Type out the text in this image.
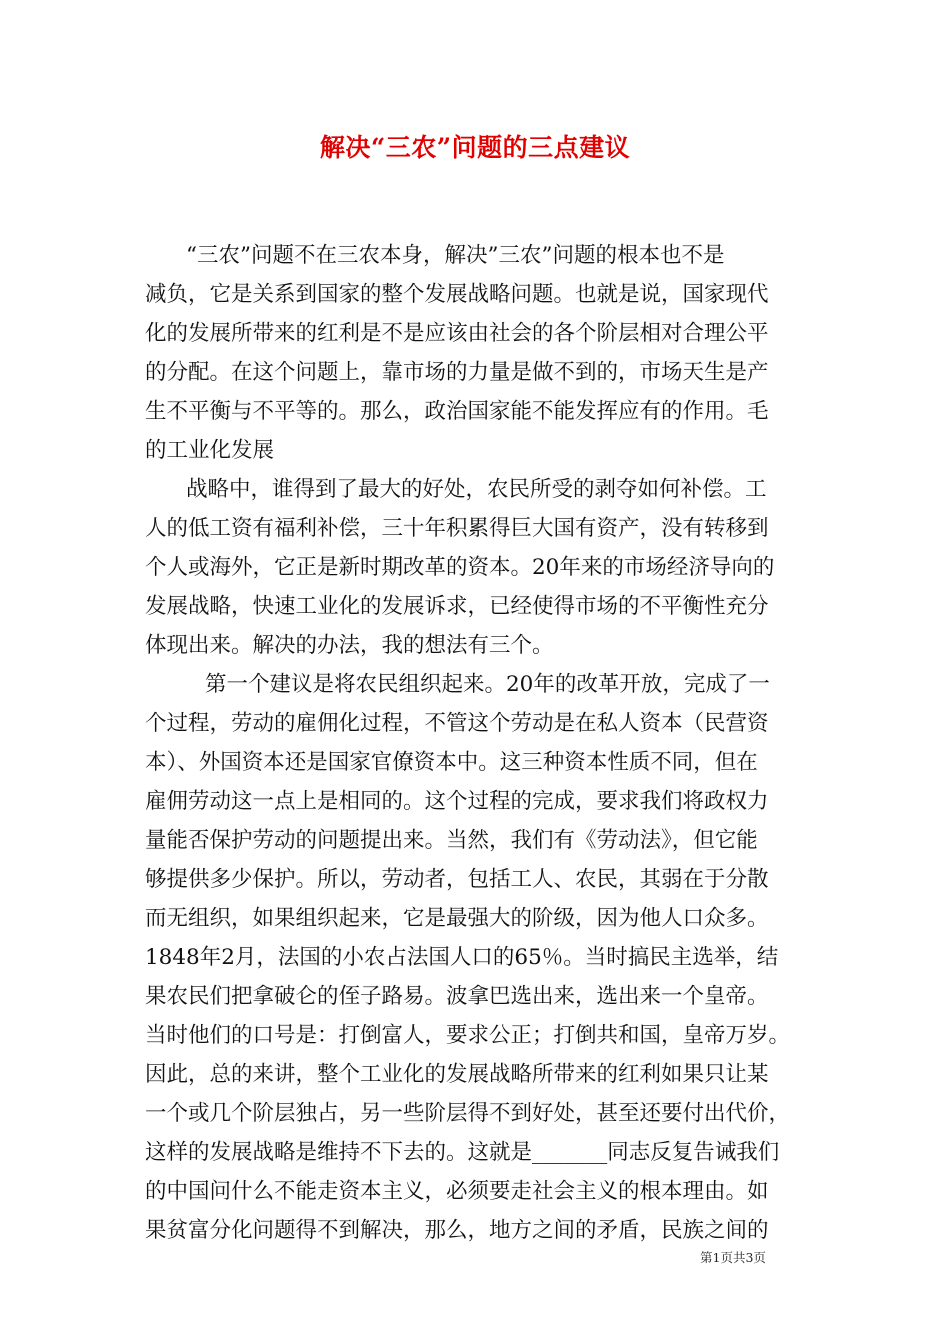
解决“三农”问题的三点建议
“三农”问题不在三农本身，解决”三农”问题的根本也不是
减负，它是关系到国家的整个发展战略问题。也就是说，国家现代
化的发展所带来的红利是不是应该由社会的各个阶层相对合理公平
的分配。在这个问题上，靠市场的力量是做不到的，市场天生是产
生不平衡与不平等的。那么，政治国家能不能发挥应有的作用。毛
的工业化发展
战略中，谁得到了最大的好处，农民所受的剥夺如何补偿。工
人的低工资有福利补偿，三十年积累得巨大国有资产，没有转移到
个人或海外，它正是新时期改革的资本。20年来的市场经济导向的
发展战略，快速工业化的发展诉求，已经使得市场的不平衡性充分
体现出来。解决的办法，我的想法有三个。
第一个建议是将农民组织起来。20年的改革开放，完成了一
个过程，劳动的雇佣化过程，不管这个劳动是在私人资本（民营资
本）、外国资本还是国家官僚资本中。这三种资本性质不同，但在
雇佣劳动这一点上是相同的。这个过程的完成，要求我们将政权力
量能否保护劳动的问题提出来。当然，我们有《劳动法》，但它能
够提供多少保护。所以，劳动者，包括工人、农民，其弱在于分散
而无组织，如果组织起来，它是最强大的阶级，因为他人口众多。
1848年2月，法国的小农占法国人口的65％。当时搞民主选举，结
果农民们把拿破仑的侄子路易。波拿巴选出来，选出来一个皇帝。
当时他们的口号是：打倒富人，要求公正；打倒共和国，皇帝万岁。
因此，总的来讲，整个工业化的发展战略所带来的红利如果只让某
一个或几个阶层独占，另一些阶层得不到好处，甚至还要付出代价，
这样的发展战略是维持不下去的。这就是_______同志反复告诫我们
的中国问什么不能走资本主义，必须要走社会主义的根本理由。如
果贫富分化问题得不到解决，那么，地方之间的矛盾，民族之间的
第1页共3页
